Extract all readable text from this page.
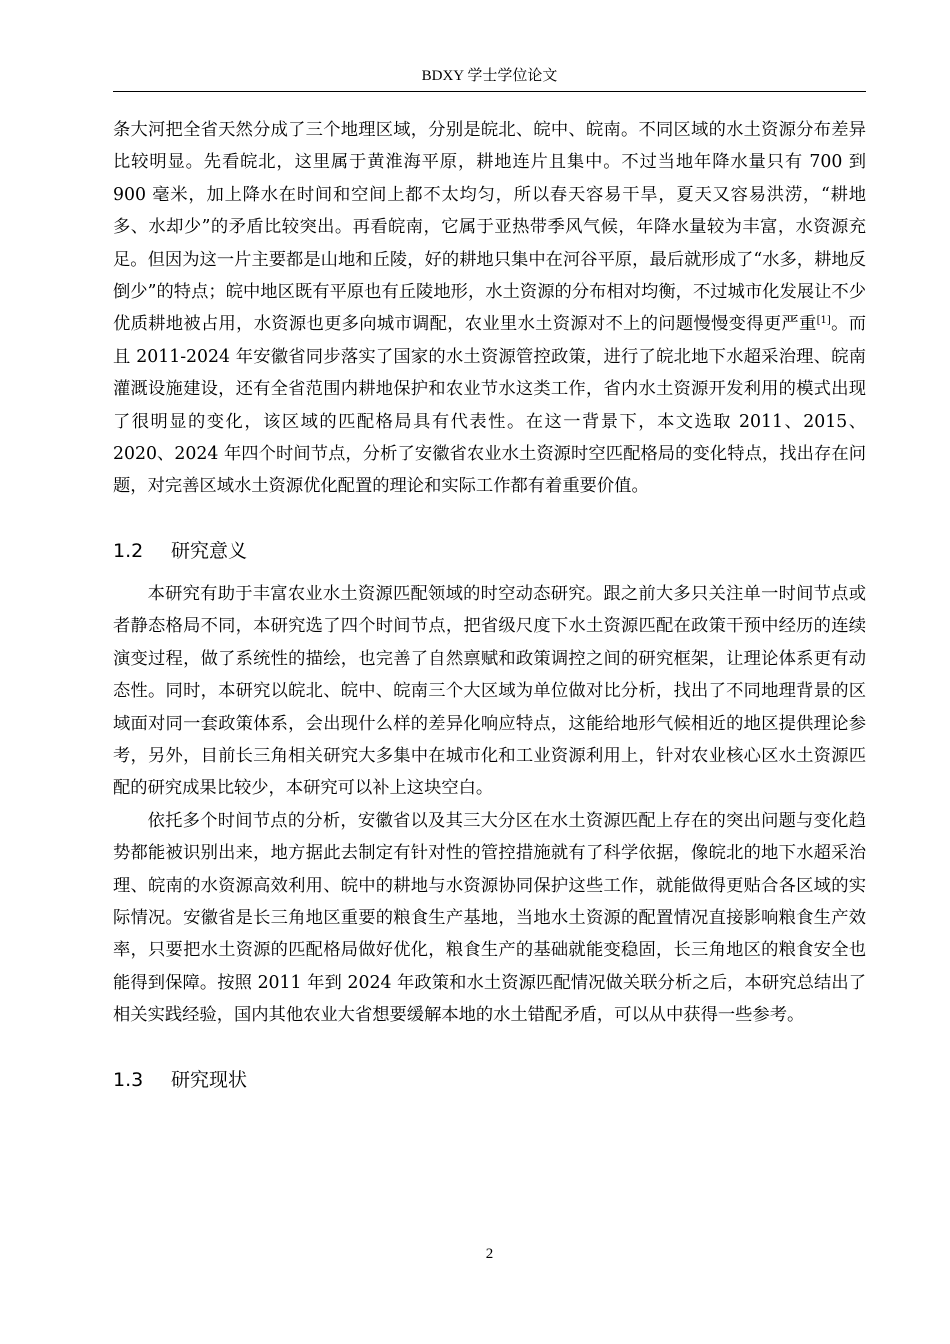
BDXY 学士学位论文

条大河把全省天然分成了三个地理区域，分别是皖北、皖中、皖南。不同区域的水土资源分布差异比较明显。先看皖北，这里属于黄淮海平原，耕地连片且集中。不过当地年降水量只有 700 到 900 毫米，加上降水在时间和空间上都不太均匀，所以春天容易干旱，夏天又容易洪涝，“耕地多、水却少”的矛盾比较突出。再看皖南，它属于亚热带季风气候，年降水量较为丰富，水资源充足。但因为这一片主要都是山地和丘陵，好的耕地只集中在河谷平原，最后就形成了“水多，耕地反倒少”的特点；皖中地区既有平原也有丘陵地形，水土资源的分布相对均衡，不过城市化发展让不少优质耕地被占用，水资源也更多向城市调配，农业里水土资源对不上的问题慢慢变得更严重[1]。而且 2011-2024 年安徽省同步落实了国家的水土资源管控政策，进行了皖北地下水超采治理、皖南灌溉设施建设，还有全省范围内耕地保护和农业节水这类工作，省内水土资源开发利用的模式出现了很明显的变化，该区域的匹配格局具有代表性。在这一背景下，本文选取 2011、2015、2020、2024 年四个时间节点，分析了安徽省农业水土资源时空匹配格局的变化特点，找出存在问题，对完善区域水土资源优化配置的理论和实际工作都有着重要价值。

1.2 研究意义

本研究有助于丰富农业水土资源匹配领域的时空动态研究。跟之前大多只关注单一时间节点或者静态格局不同，本研究选了四个时间节点，把省级尺度下水土资源匹配在政策干预中经历的连续演变过程，做了系统性的描绘，也完善了自然禀赋和政策调控之间的研究框架，让理论体系更有动态性。同时，本研究以皖北、皖中、皖南三个大区域为单位做对比分析，找出了不同地理背景的区域面对同一套政策体系，会出现什么样的差异化响应特点，这能给地形气候相近的地区提供理论参考，另外，目前长三角相关研究大多集中在城市化和工业资源利用上，针对农业核心区水土资源匹配的研究成果比较少，本研究可以补上这块空白。

依托多个时间节点的分析，安徽省以及其三大分区在水土资源匹配上存在的突出问题与变化趋势都能被识别出来，地方据此去制定有针对性的管控措施就有了科学依据，像皖北的地下水超采治理、皖南的水资源高效利用、皖中的耕地与水资源协同保护这些工作，就能做得更贴合各区域的实际情况。安徽省是长三角地区重要的粮食生产基地，当地水土资源的配置情况直接影响粮食生产效率，只要把水土资源的匹配格局做好优化，粮食生产的基础就能变稳固，长三角地区的粮食安全也能得到保障。按照 2011 年到 2024 年政策和水土资源匹配情况做关联分析之后，本研究总结出了相关实践经验，国内其他农业大省想要缓解本地的水土错配矛盾，可以从中获得一些参考。

1.3 研究现状
2
